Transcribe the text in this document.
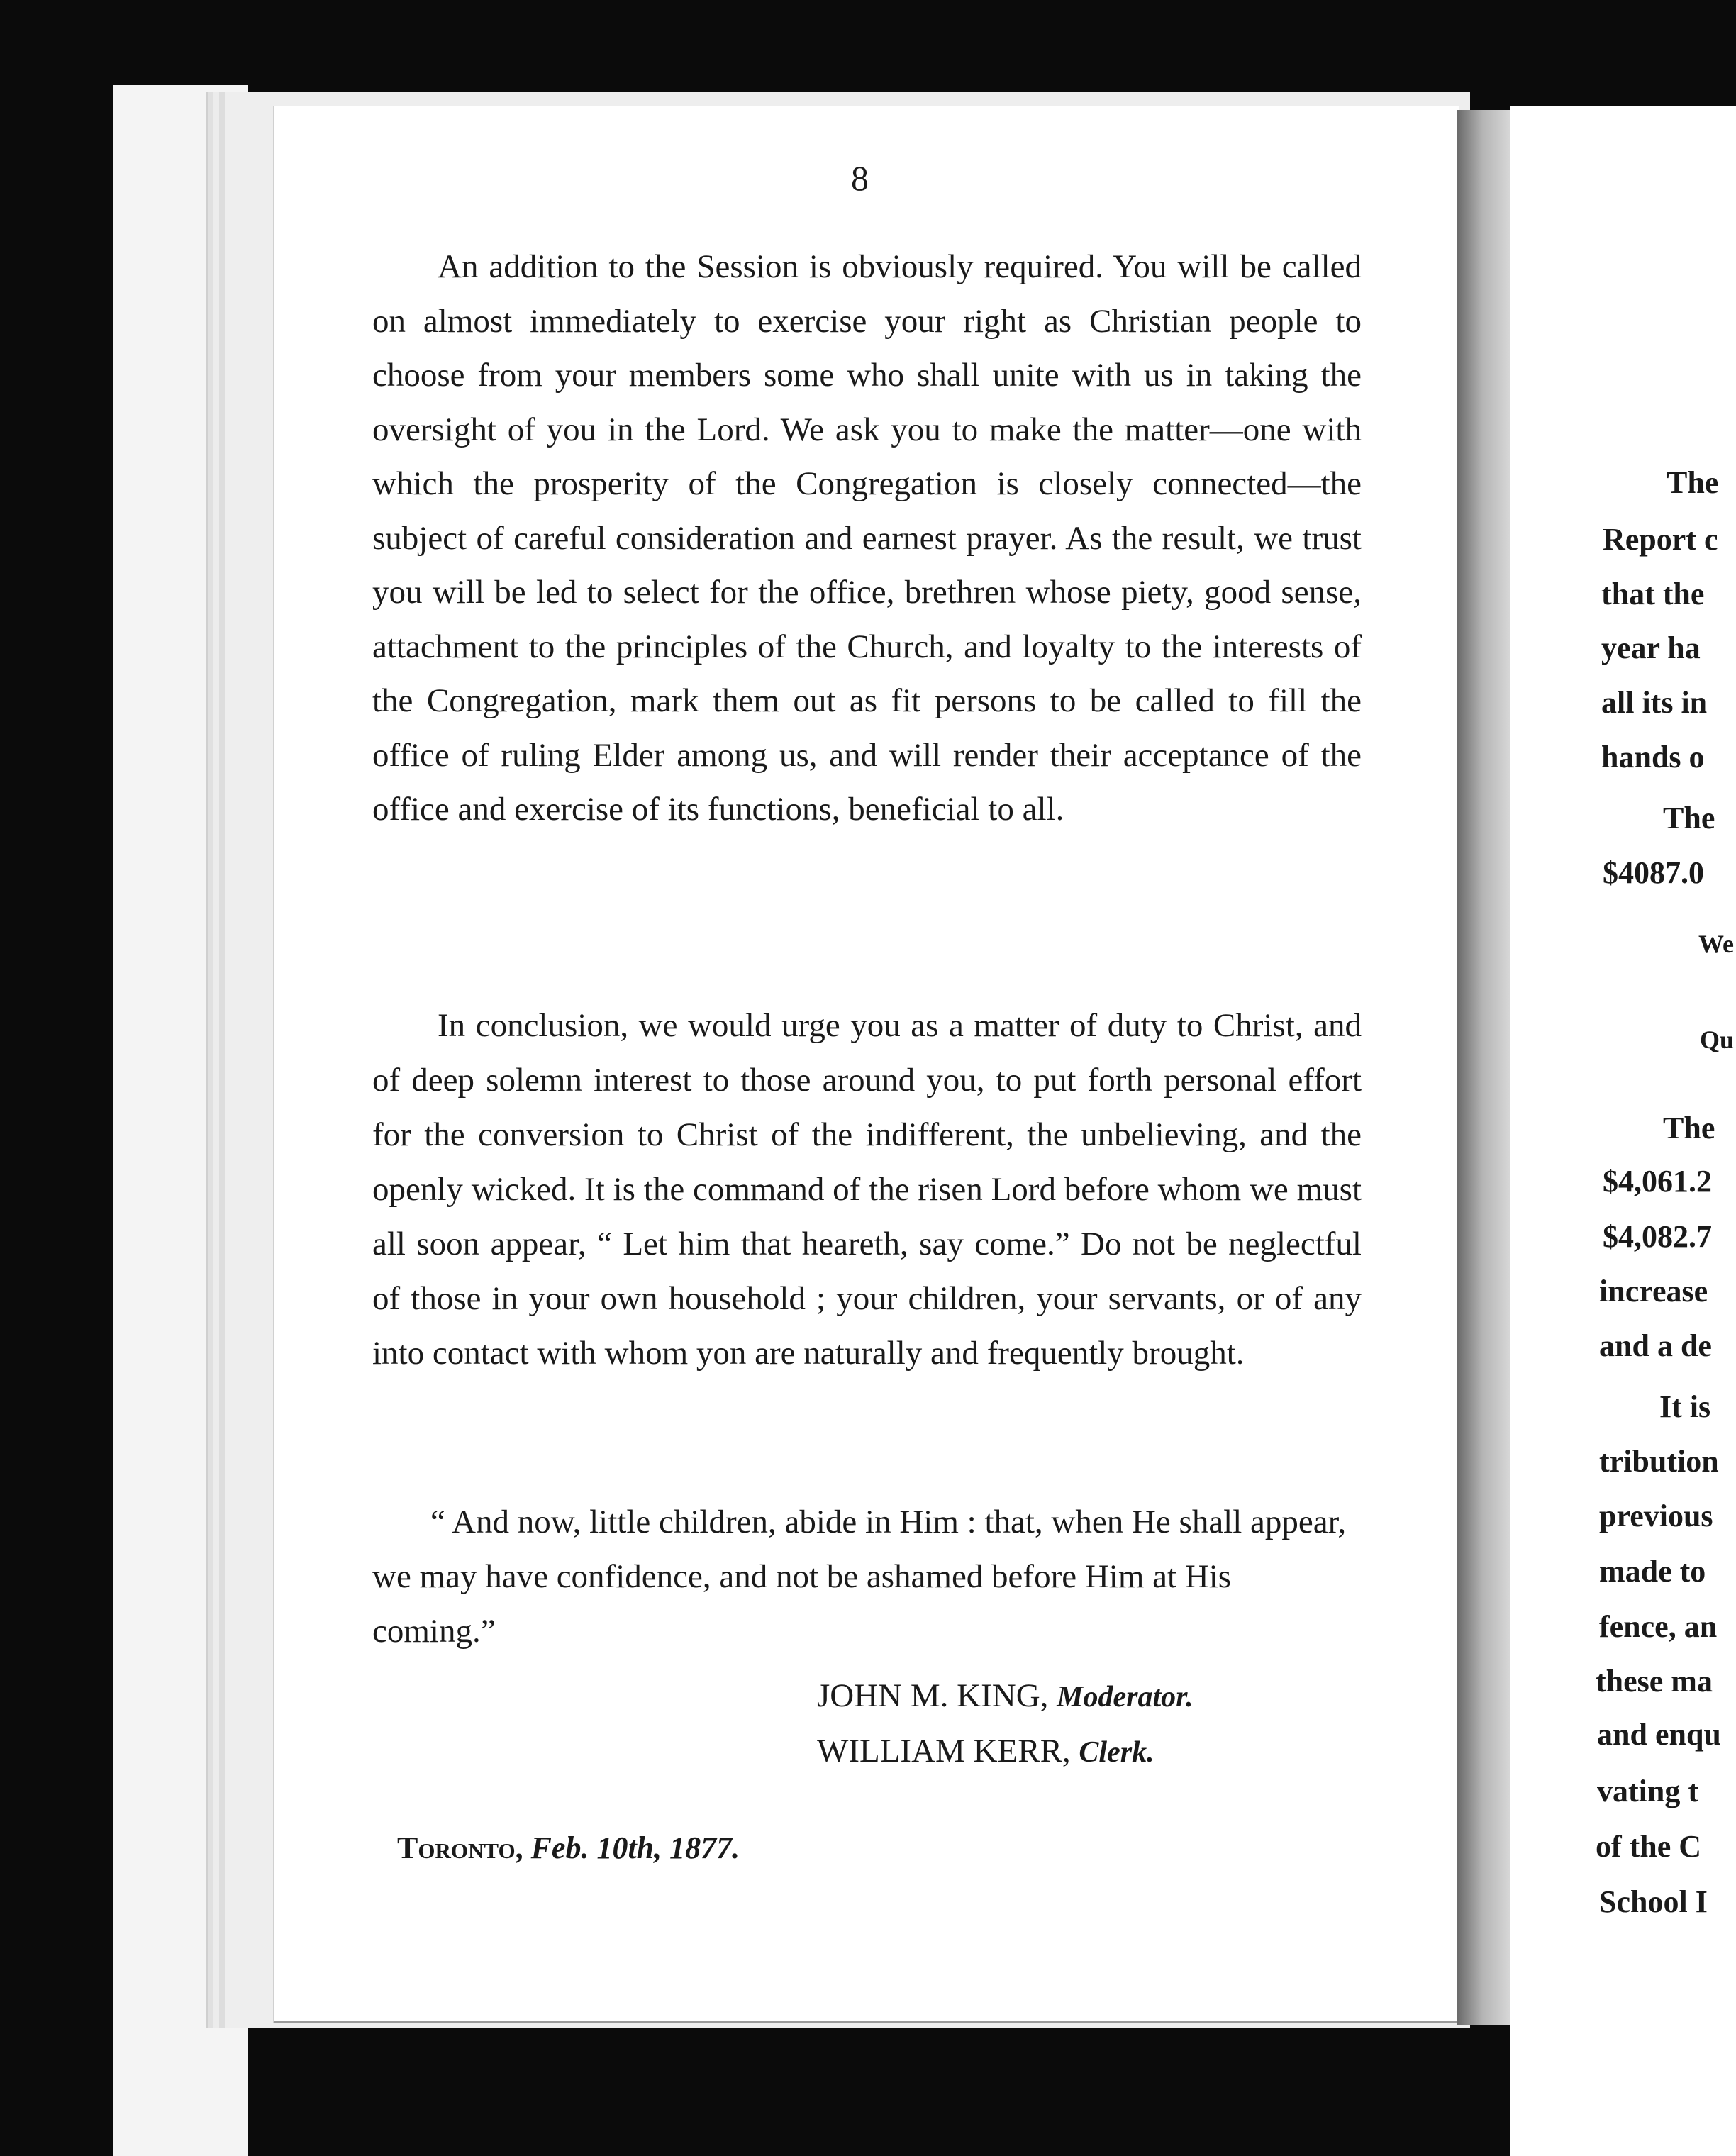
8
An addition to the Session is obviously required. You will be called on almost immediately to exercise your right as Christian people to choose from your members some who shall unite with us in taking the oversight of you in the Lord. We ask you to make the matter—one with which the prosperity of the Congregation is closely connected—the subject of careful consideration and earnest prayer. As the result, we trust you will be led to select for the office, brethren whose piety, good sense, attachment to the principles of the Church, and loyalty to the interests of the Congregation, mark them out as fit persons to be called to fill the office of ruling Elder among us, and will render their acceptance of the office and exercise of its functions, beneficial to all.
In conclusion, we would urge you as a matter of duty to Christ, and of deep solemn interest to those around you, to put forth personal effort for the conversion to Christ of the indifferent, the unbelieving, and the openly wicked. It is the command of the risen Lord before whom we must all soon appear, “ Let him that heareth, say come.” Do not be neglectful of those in your own household ; your children, your servants, or of any into contact with whom yon are naturally and frequently brought.
“ And now, little children, abide in Him : that, when He shall appear, we may have confidence, and not be ashamed before Him at His coming.”
JOHN M. KING, Moderator.
WILLIAM KERR, Clerk.
Toronto, Feb. 10th, 1877.
The
Report c
that the
year ha
all its in
hands o
The
$4087.0
We
Qu
The
$4,061.2
$4,082.7
increase
and a de
It is
tribution
previous
made to
fence, an
these ma
and enqu
vating t
of the C
School I
